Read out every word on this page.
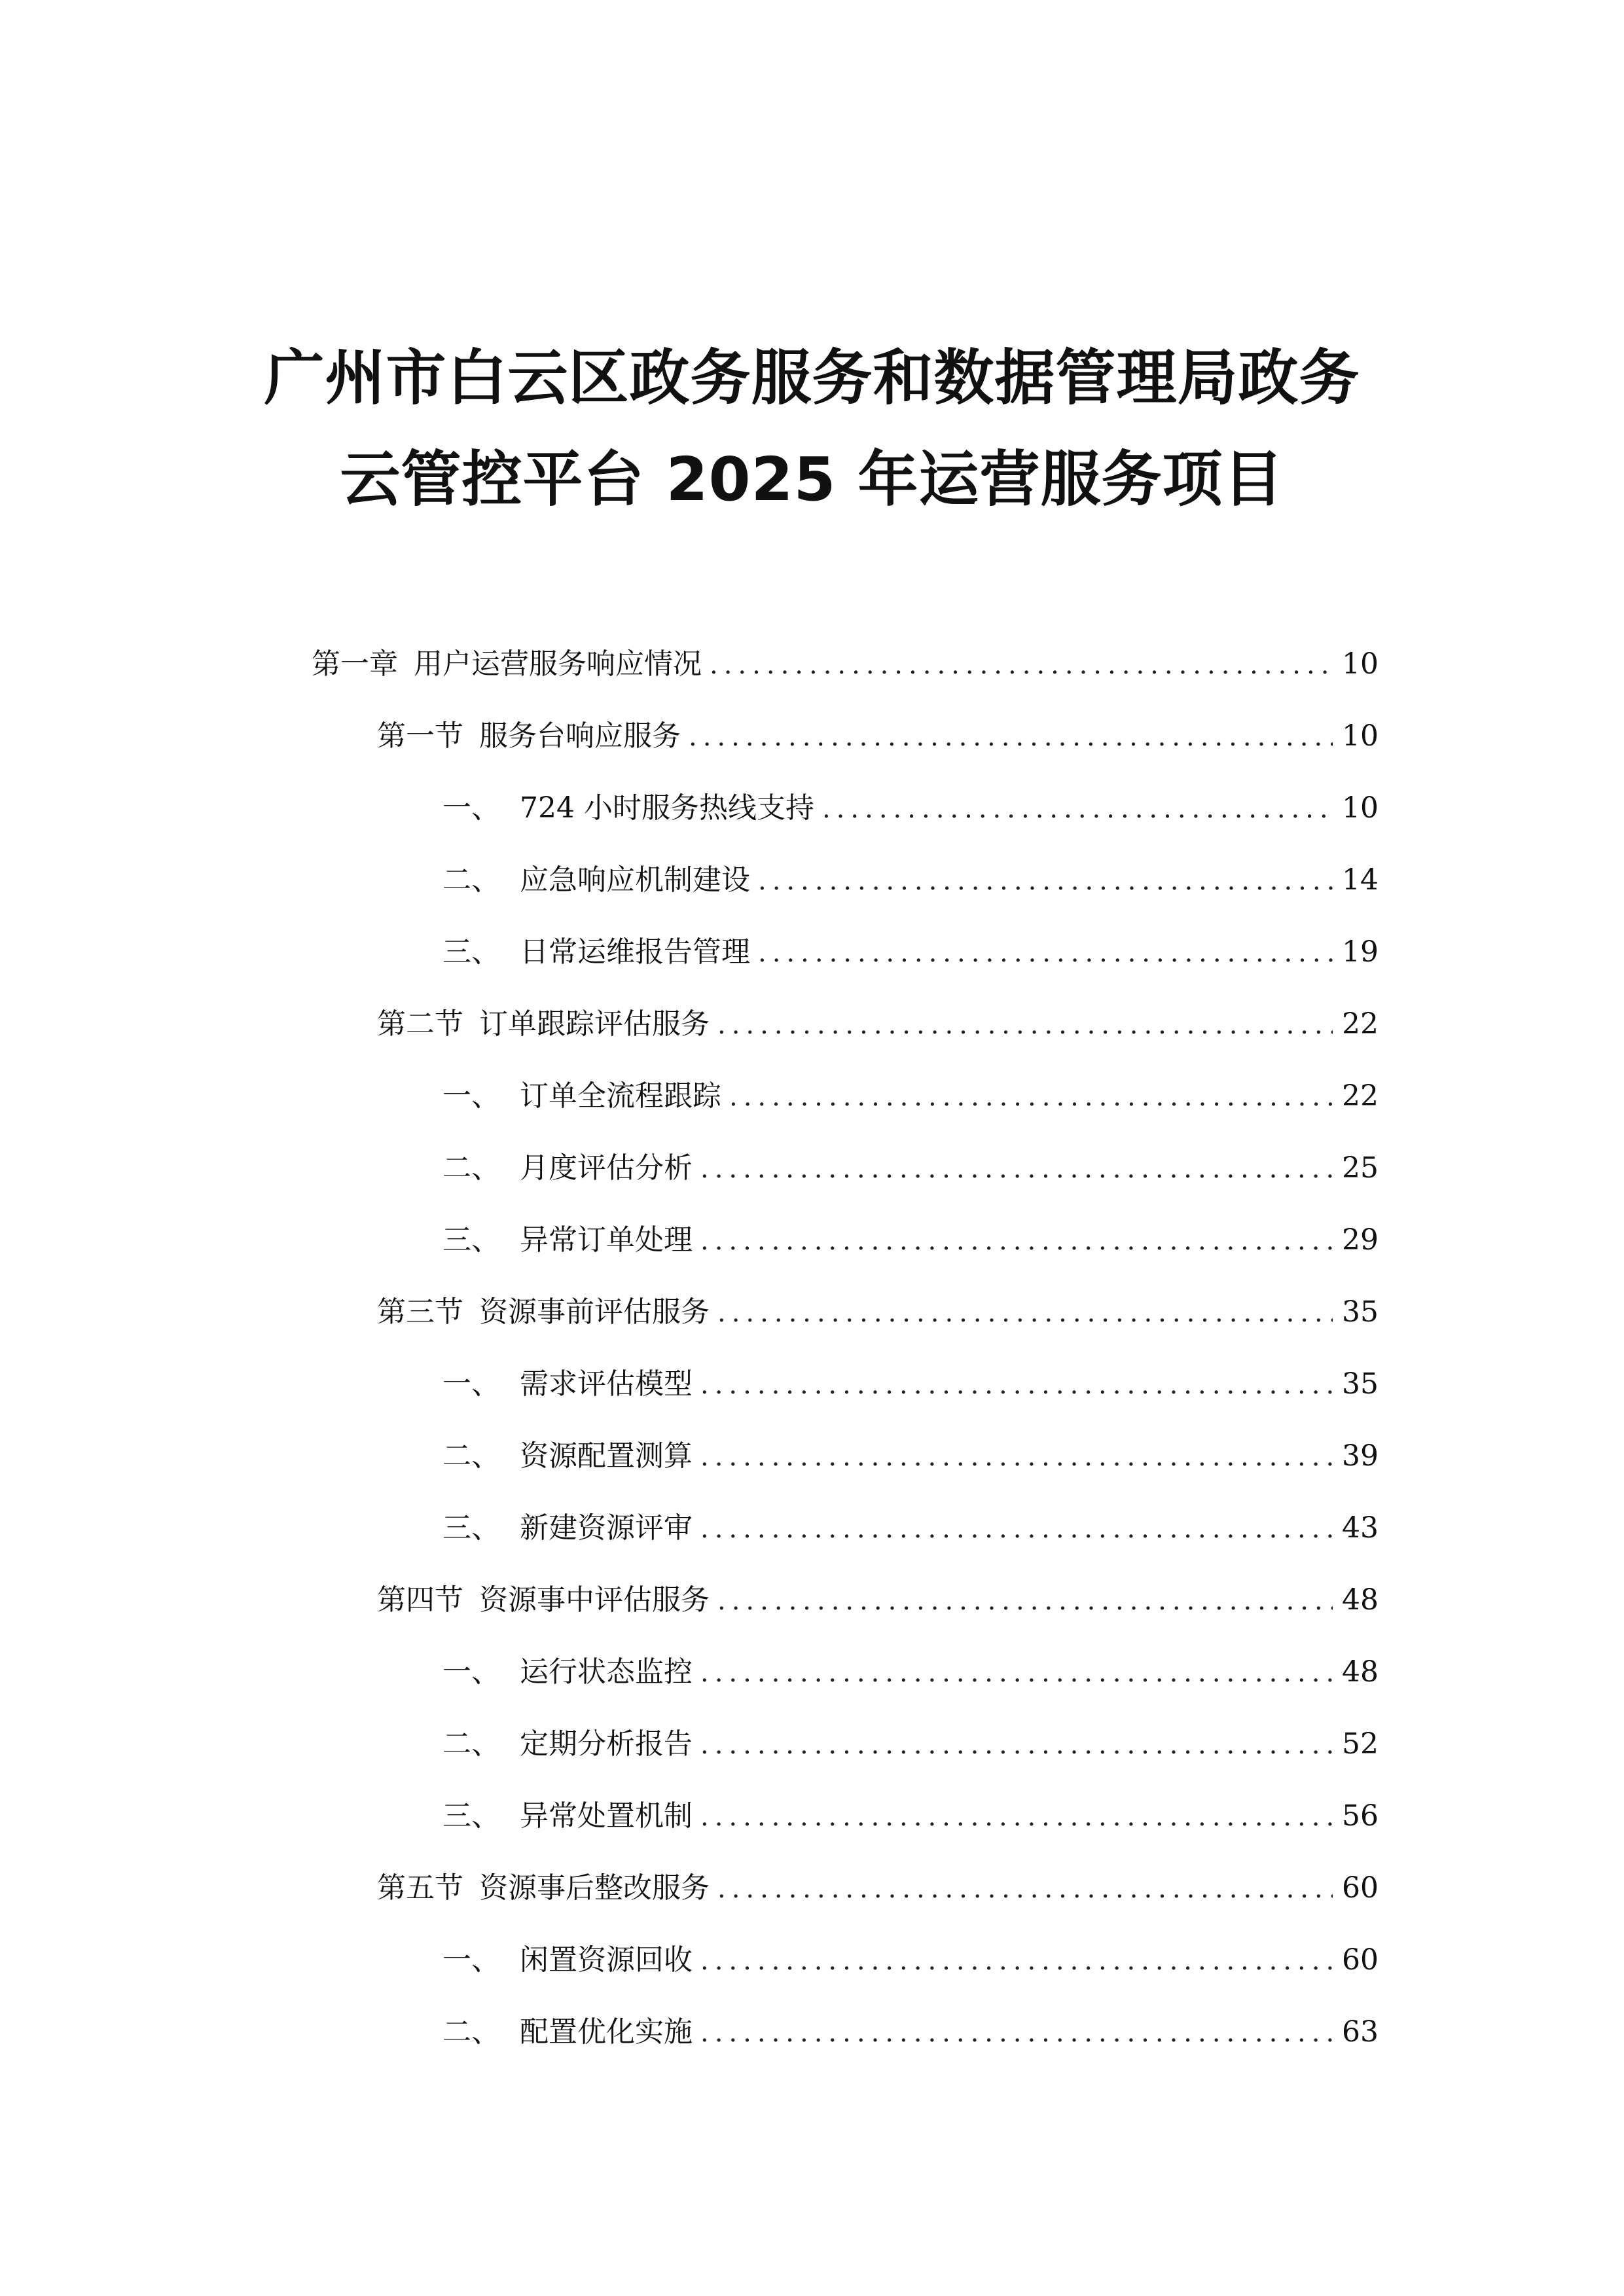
广州市白云区政务服务和数据管理局政务
云管控平台 2025 年运营服务项目
第一章 用户运营服务响应情况 .....	10
第一节 服务台响应服务 .....	10
一、 724 小时服务热线支持 .....	10
二、 应急响应机制建设 .....	14
三、 日常运维报告管理 .....	19
第二节 订单跟踪评估服务 .....	22
一、 订单全流程跟踪 .....	22
二、 月度评估分析 .....	25
三、 异常订单处理 .....	29
第三节 资源事前评估服务 .....	35
一、 需求评估模型 .....	35
二、 资源配置测算 .....	39
三、 新建资源评审 .....	43
第四节 资源事中评估服务 .....	48
一、 运行状态监控 .....	48
二、 定期分析报告 .....	52
三、 异常处置机制 .....	56
第五节 资源事后整改服务 .....	60
一、 闲置资源回收 .....	60
二、 配置优化实施 .....	63
